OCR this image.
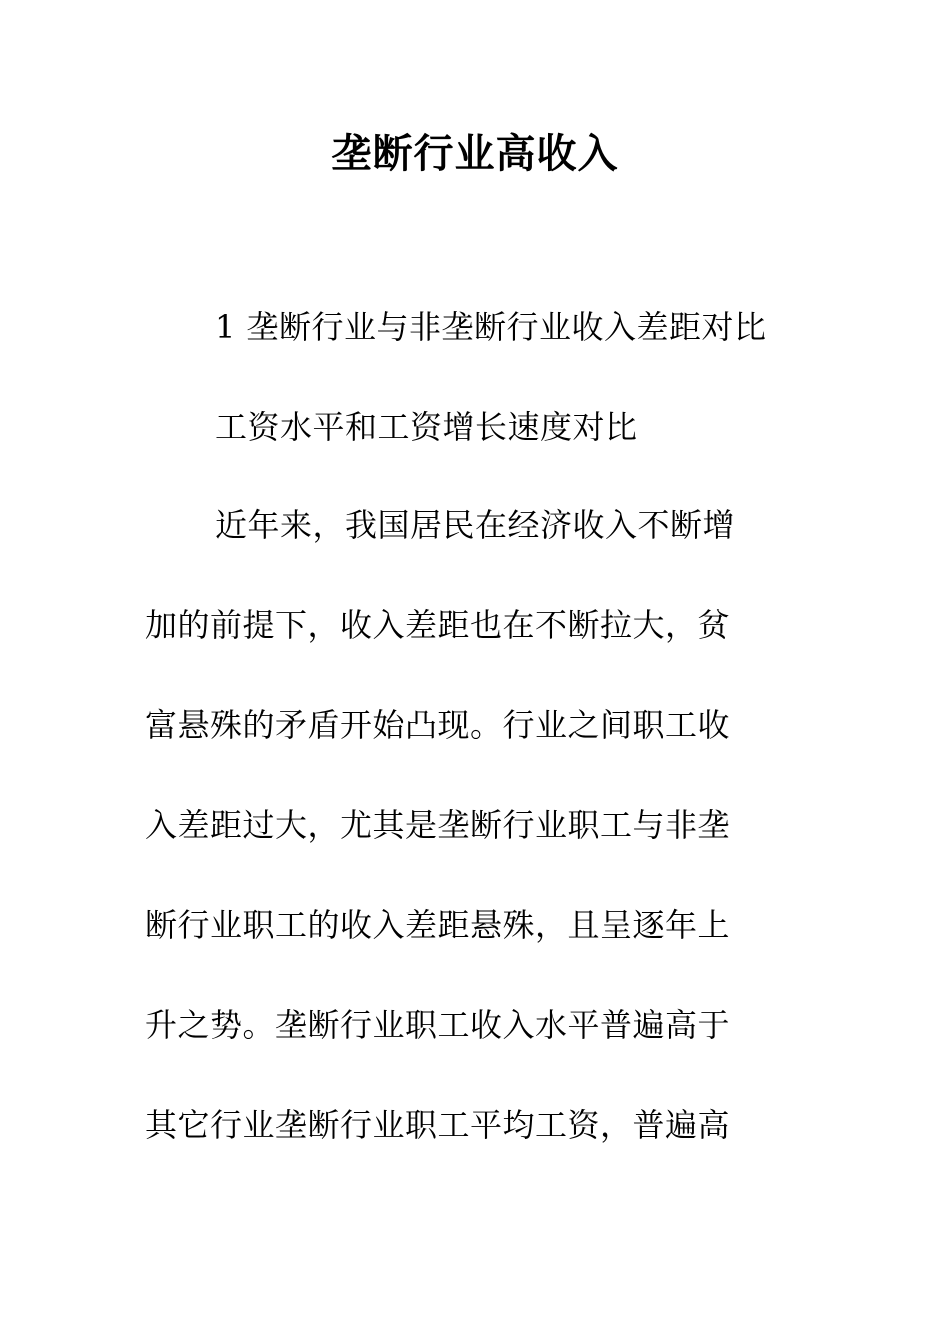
垄断行业高收入
1 垄断行业与非垄断行业收入差距对比
工资水平和工资增长速度对比
近年来，我国居民在经济收入不断增
加的前提下，收入差距也在不断拉大，贫
富悬殊的矛盾开始凸现。行业之间职工收
入差距过大，尤其是垄断行业职工与非垄
断行业职工的收入差距悬殊，且呈逐年上
升之势。垄断行业职工收入水平普遍高于
其它行业垄断行业职工平均工资，普遍高
